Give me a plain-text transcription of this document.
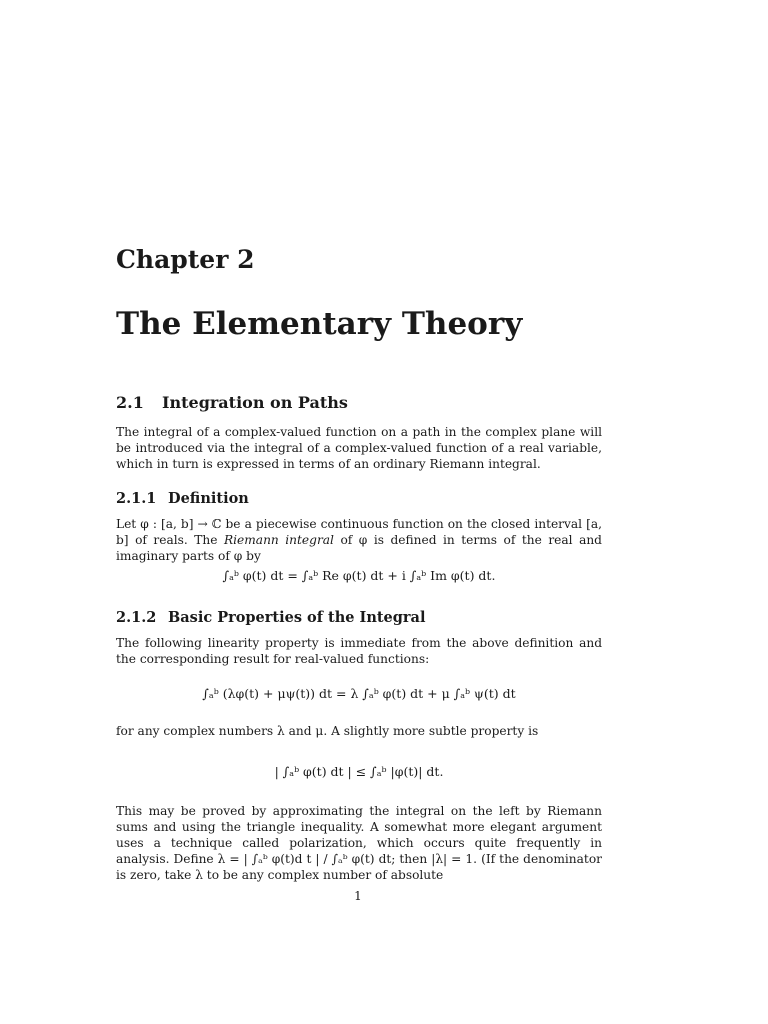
Chapter 2
The Elementary Theory
2.1 Integration on Paths

The integral of a complex-valued function on a path in the complex plane will be introduced via the integral of a complex-valued function of a real variable, which in turn is expressed in terms of an ordinary Riemann integral.

2.1.1 Definition

Let φ : [a, b] → ℂ be a piecewise continuous function on the closed interval [a, b] of reals. The Riemann integral of φ is defined in terms of the real and imaginary parts of φ by

∫ₐᵇ φ(t) dt = ∫ₐᵇ Re φ(t) dt + i ∫ₐᵇ Im φ(t) dt.

2.1.2 Basic Properties of the Integral

The following linearity property is immediate from the above definition and the corresponding result for real-valued functions:

∫ₐᵇ (λφ(t) + μψ(t)) dt = λ ∫ₐᵇ φ(t) dt + μ ∫ₐᵇ ψ(t) dt

for any complex numbers λ and μ. A slightly more subtle property is

| ∫ₐᵇ φ(t) dt | ≤ ∫ₐᵇ |φ(t)| dt.

This may be proved by approximating the integral on the left by Riemann sums and using the triangle inequality. A somewhat more elegant argument uses a technique called polarization, which occurs quite frequently in analysis. Define λ = | ∫ₐᵇ φ(t)d t | / ∫ₐᵇ φ(t) dt; then |λ| = 1. (If the denominator is zero, take λ to be any complex number of absolute

1
